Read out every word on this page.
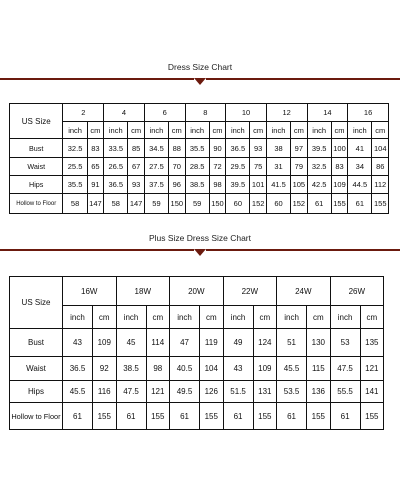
Dress Size Chart
US Size	2		4		6		8		10		12		14		16	
	inch	cm	inch	cm	inch	cm	inch	cm	inch	cm	inch	cm	inch	cm	inch	cm
Bust	32.5	83	33.5	85	34.5	88	35.5	90	36.5	93	38	97	39.5	100	41	104
Waist	25.5	65	26.5	67	27.5	70	28.5	72	29.5	75	31	79	32.5	83	34	86
Hips	35.5	91	36.5	93	37.5	96	38.5	98	39.5	101	41.5	105	42.5	109	44.5	112
Hollow to Floor	58	147	58	147	59	150	59	150	60	152	60	152	61	155	61	155
Plus Size Dress Size Chart
US Size	16W		18W		20W		22W		24W		26W	
	inch	cm	inch	cm	inch	cm	inch	cm	inch	cm	inch	cm
Bust	43	109	45	114	47	119	49	124	51	130	53	135
Waist	36.5	92	38.5	98	40.5	104	43	109	45.5	115	47.5	121
Hips	45.5	116	47.5	121	49.5	126	51.5	131	53.5	136	55.5	141
Hollow to Floor	61	155	61	155	61	155	61	155	61	155	61	155
